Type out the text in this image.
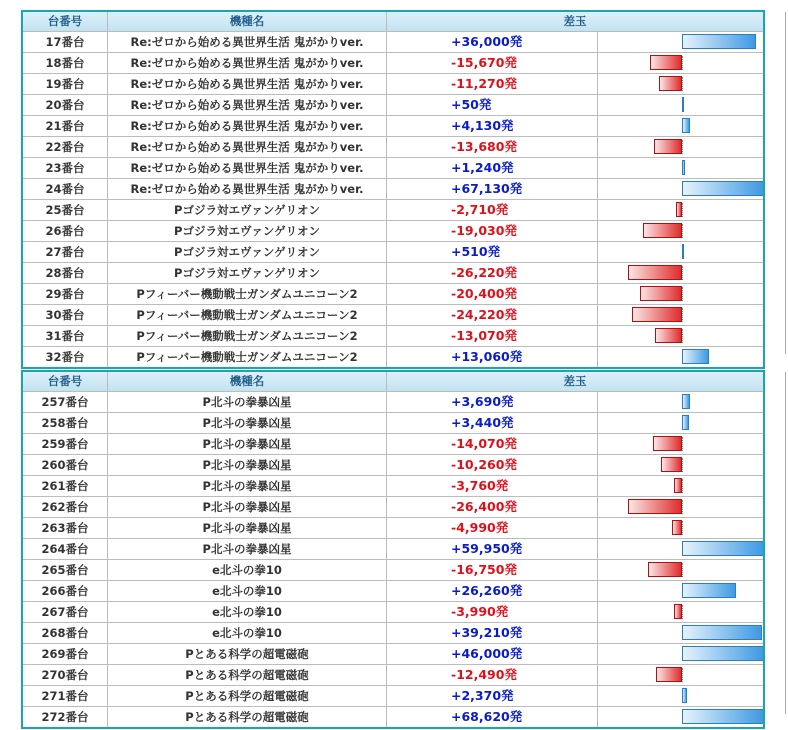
台番号	機種名	差玉
17番台	Re:ゼロから始める異世界生活 鬼がかりver.	+36,000発
18番台	Re:ゼロから始める異世界生活 鬼がかりver.	-15,670発
19番台	Re:ゼロから始める異世界生活 鬼がかりver.	-11,270発
20番台	Re:ゼロから始める異世界生活 鬼がかりver.	+50発
21番台	Re:ゼロから始める異世界生活 鬼がかりver.	+4,130発
22番台	Re:ゼロから始める異世界生活 鬼がかりver.	-13,680発
23番台	Re:ゼロから始める異世界生活 鬼がかりver.	+1,240発
24番台	Re:ゼロから始める異世界生活 鬼がかりver.	+67,130発
25番台	Pゴジラ対エヴァンゲリオン	-2,710発
26番台	Pゴジラ対エヴァンゲリオン	-19,030発
27番台	Pゴジラ対エヴァンゲリオン	+510発
28番台	Pゴジラ対エヴァンゲリオン	-26,220発
29番台	Pフィーバー機動戦士ガンダムユニコーン2	-20,400発
30番台	Pフィーバー機動戦士ガンダムユニコーン2	-24,220発
31番台	Pフィーバー機動戦士ガンダムユニコーン2	-13,070発
32番台	Pフィーバー機動戦士ガンダムユニコーン2	+13,060発
台番号	機種名	差玉
257番台	P北斗の拳暴凶星	+3,690発
258番台	P北斗の拳暴凶星	+3,440発
259番台	P北斗の拳暴凶星	-14,070発
260番台	P北斗の拳暴凶星	-10,260発
261番台	P北斗の拳暴凶星	-3,760発
262番台	P北斗の拳暴凶星	-26,400発
263番台	P北斗の拳暴凶星	-4,990発
264番台	P北斗の拳暴凶星	+59,950発
265番台	e北斗の拳10	-16,750発
266番台	e北斗の拳10	+26,260発
267番台	e北斗の拳10	-3,990発
268番台	e北斗の拳10	+39,210発
269番台	Pとある科学の超電磁砲	+46,000発
270番台	Pとある科学の超電磁砲	-12,490発
271番台	Pとある科学の超電磁砲	+2,370発
272番台	Pとある科学の超電磁砲	+68,620発
